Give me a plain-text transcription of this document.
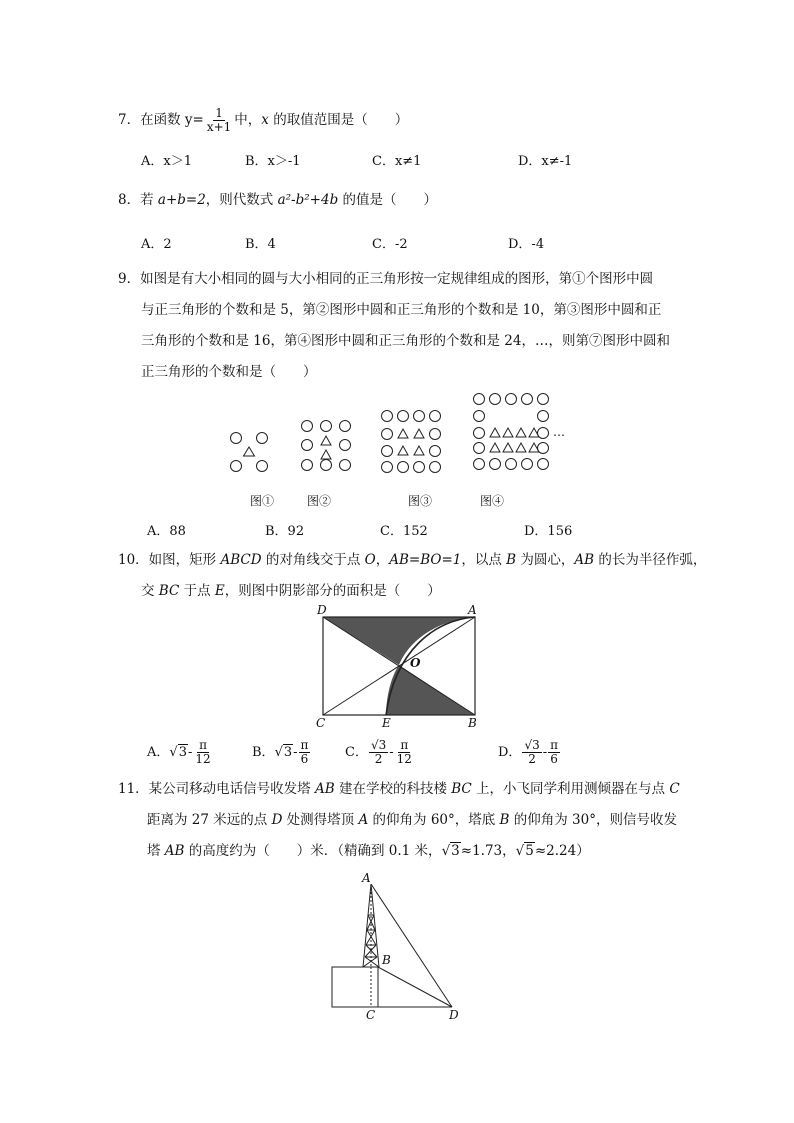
7．在函数 $y= \frac{1}{x+1}$ 中，x 的取值范围是（　　）
A．x＞1	B．x＞-1	C．x≠1	D．x≠-1
8．若 a+b=2，则代数式 a²-b²+4b 的值是（　　）
A．2	B．4	C．-2	D．-4
9．如图是有大小相同的圆与大小相同的正三角形按一定规律组成的图形，第①个图形中圆
与正三角形的个数和是 5，第②图形中圆和正三角形的个数和是 10，第③图形中圆和正
三角形的个数和是 16，第④图形中圆和正三角形的个数和是 24，…，则第⑦图形中圆和
正三角形的个数和是（　　）
…
图①	图②	图③	图④
A．88	B．92	C．152	D．156
10．如图，矩形 ABCD 的对角线交于点 O，AB=BO=1，以点 B 为圆心，AB 的长为半径作弧，
交 BC 于点 E，则图中阴影部分的面积是（　　）
D	A
O
C	E	B
A．$√3- \frac{\pi}{12}$	B．$√3- \frac{\pi}{6}$	C． $\frac{√3}{2} - \frac{\pi}{12}$	D． $\frac{√3}{2} - \frac{\pi}{6}$
11．某公司移动电话信号收发塔 AB 建在学校的科技楼 BC 上，小飞同学利用测倾器在与点 C
距离为 27 米远的点 D 处测得塔顶 A 的仰角为 60°，塔底 B 的仰角为 30°，则信号收发
塔 AB 的高度约为（　　）米．（精确到 0.1 米，√3≈1.73，√5≈2.24）
A
B
C	D
